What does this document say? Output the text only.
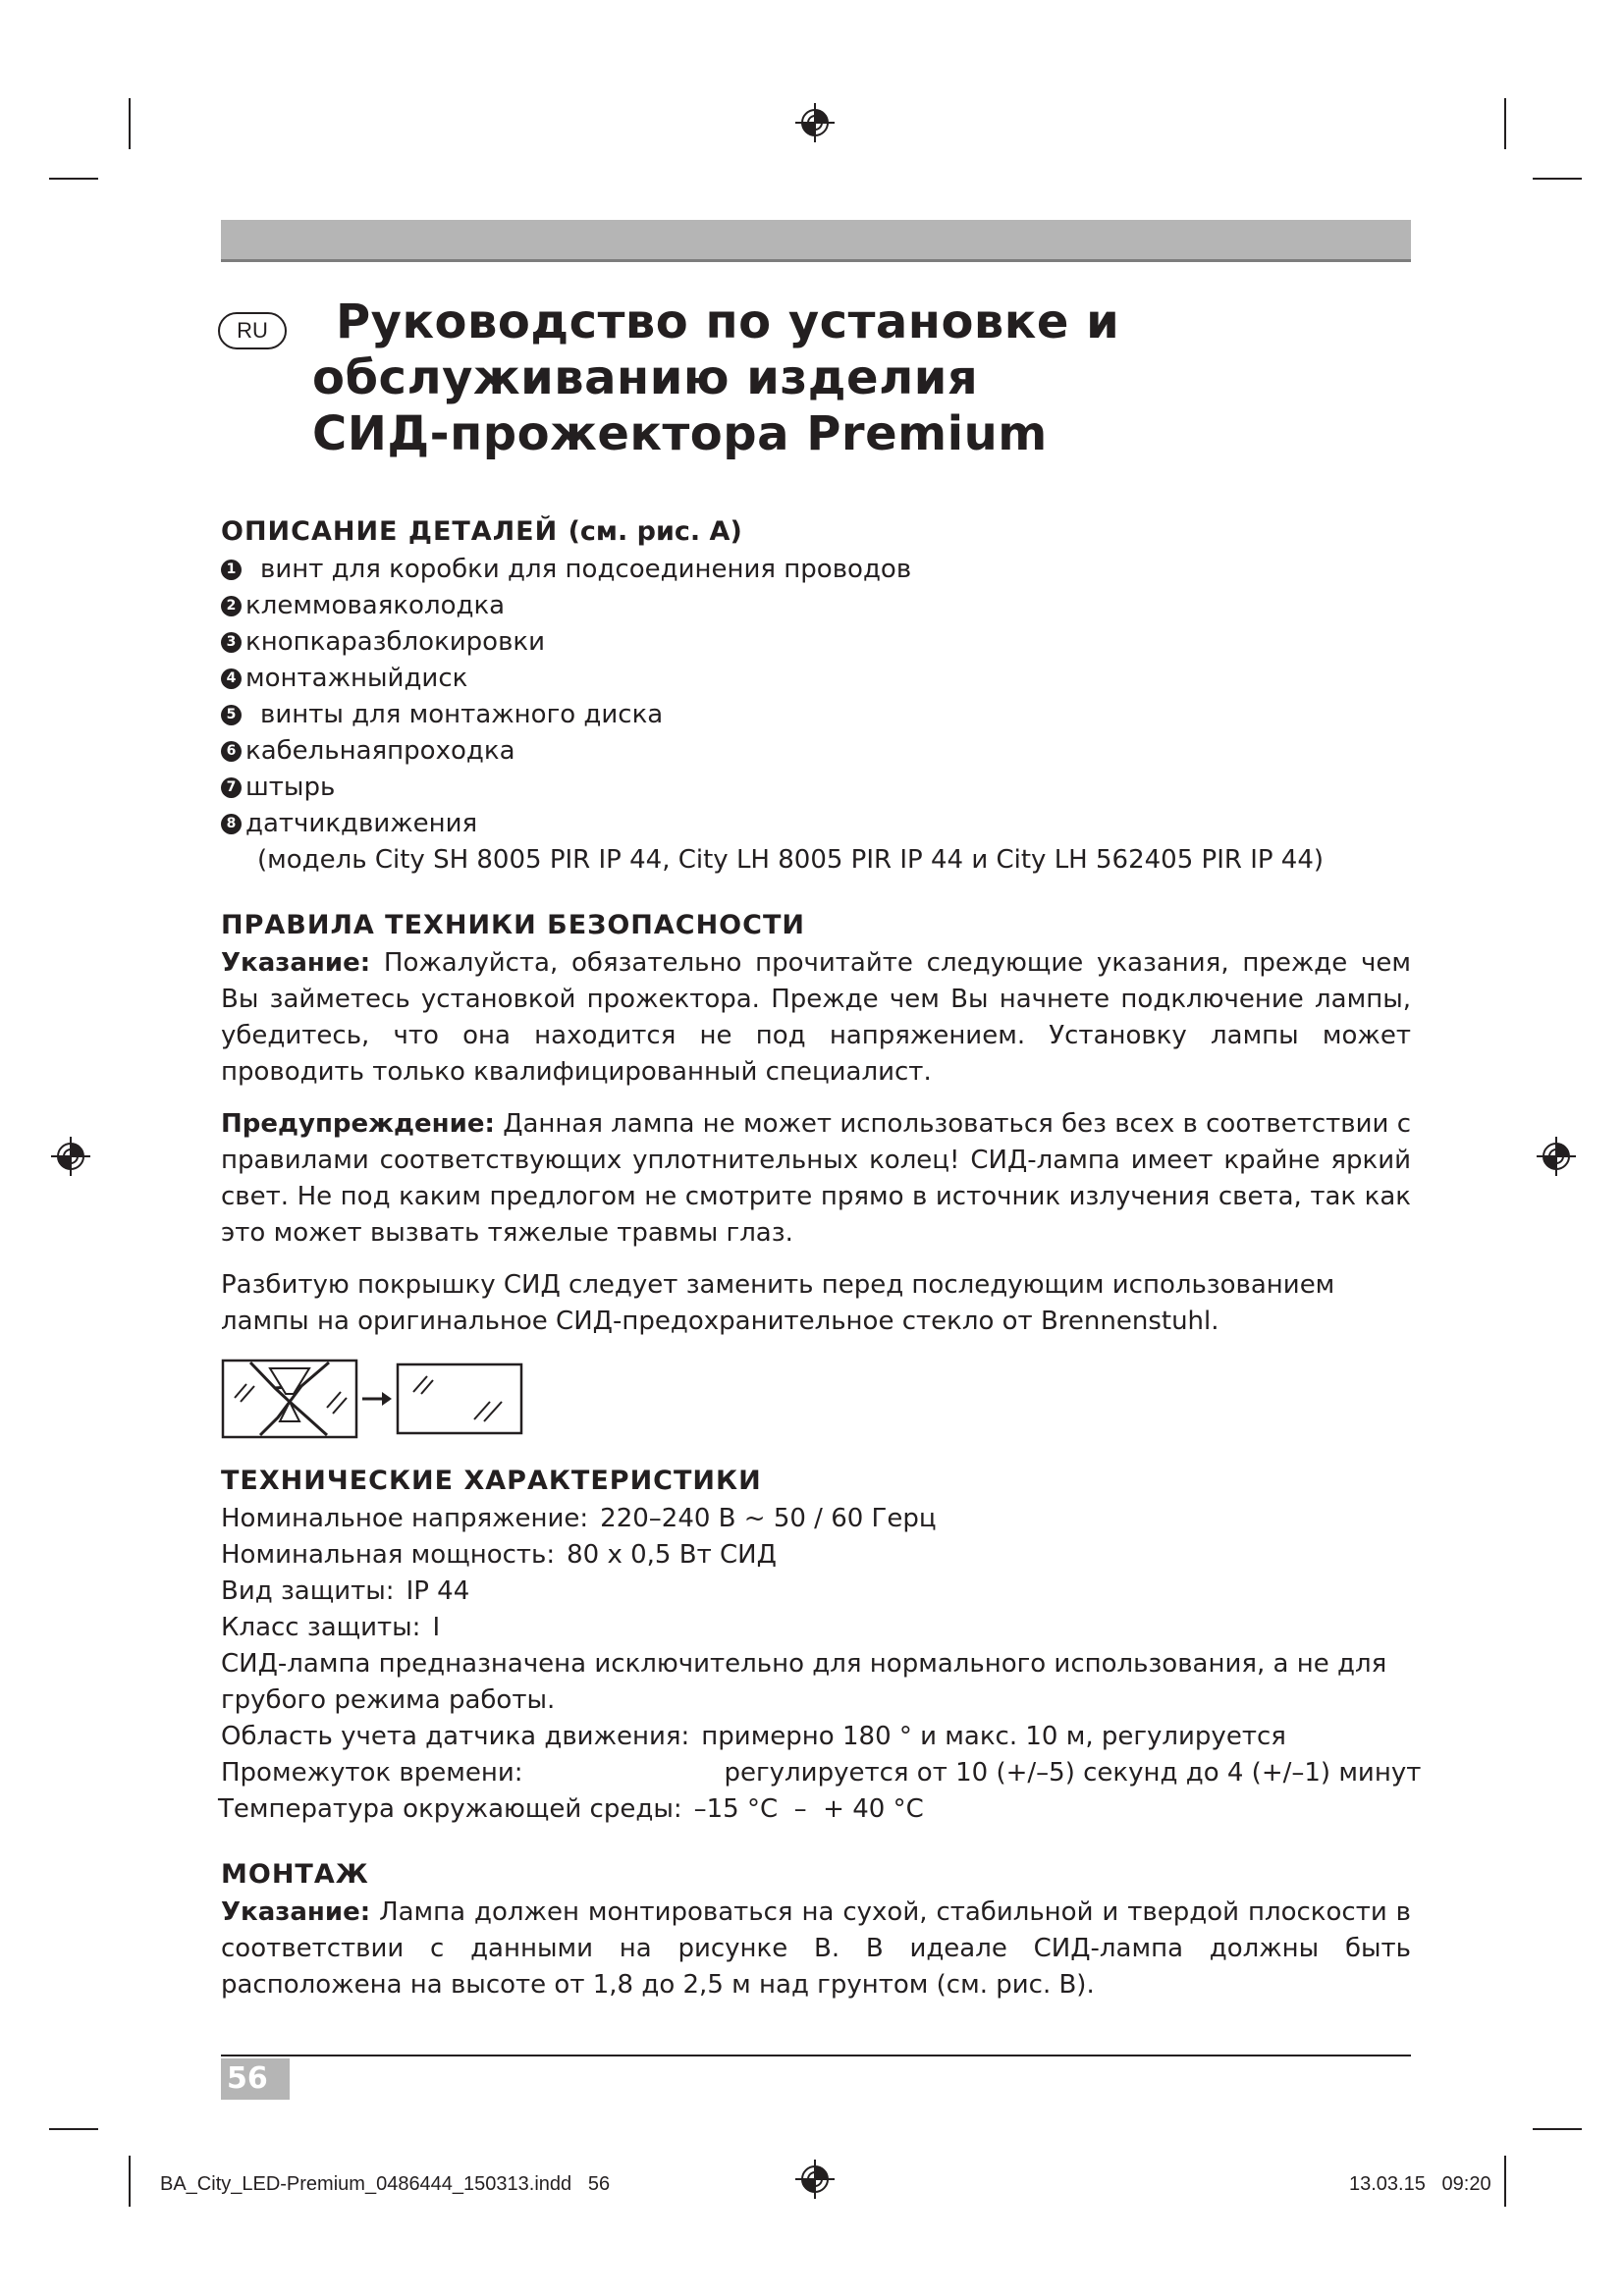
RU	Руководство по установке и
обслуживанию изделия
СИД-прожектора Premium
ОПИСАНИЕ ДЕТАЛЕЙ (см. рис. А)
1 винт для коробки для подсоединения проводов
2 клеммоваяколодка
3 кнопкаразблокировки
4 монтажныйдиск
5 винты для монтажного диска
6 кабельнаяпроходка
7 штырь
8 датчикдвижения
(модель City SH 8005 PIR IP 44, City LH 8005 PIR IP 44 и City LH 562405 PIR IP 44)
ПРАВИЛА ТЕХНИКИ БЕЗОПАСНОСТИ

Указание: Пожалуйста, обязательно прочитайте следующие указания, прежде чем Вы займетесь установкой прожектора. Прежде чем Вы начнете подключение лампы, убедитесь, что она находится не под напряжением. Установку лампы может проводить только квалифицированный специалист.

Предупреждение: Данная лампа не может использоваться без всех в соответствии с правилами соответствующих уплотнительных колец! СИД-лампа имеет крайне яркий свет. Не под каким предлогом не смотрите прямо в источник излучения света, так как это может вызвать тяжелые травмы глаз.

Разбитую покрышку СИД следует заменить перед последующим использованием лампы на оригинальное СИД-предохранительное стекло от Brennenstuhl.

ТЕХНИЧЕСКИЕ ХАРАКТЕРИСТИКИ
Номинальное напряжение: 220–240 В ~ 50 / 60 Герц
Номинальная мощность: 80 x 0,5 Вт СИД
Вид защиты: IP 44
Класс защиты: I
СИД-лампа предназначена исключительно для нормального использования, а не для грубого режима работы.
Область учета датчика движения: примерно 180 ° и макс. 10 м, регулируется
Промежуток времени:	регулируется от 10 (+/–5) секунд до 4 (+/–1) минут
Температура окружающей среды: –15 °C  –  + 40 °C
МОНТАЖ

Указание: Лампа должен монтироваться на сухой, стабильной и твердой плоскости в соответствии с данными на рисунке В. В идеале СИД-лампа должны быть расположена на высоте от 1,8 до 2,5 м над грунтом (см. рис. В).

56
BA_City_LED-Premium_0486444_150313.indd   56	13.03.15   09:20
